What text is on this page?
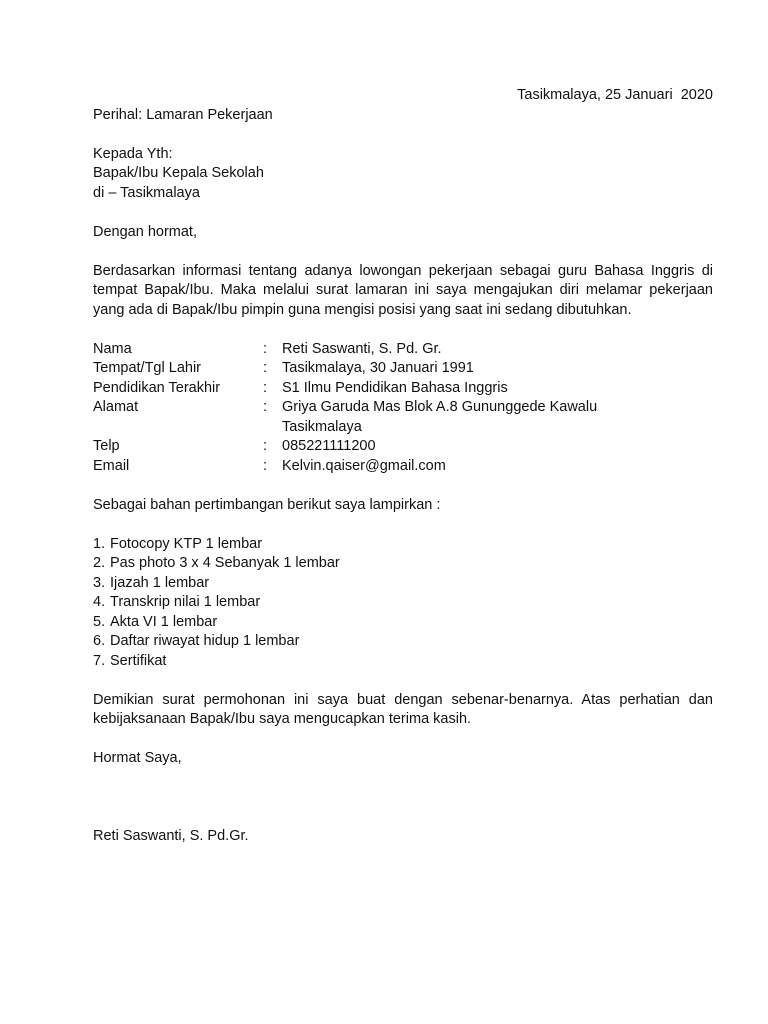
Tasikmalaya, 25 Januari  2020
Perihal: Lamaran Pekerjaan
Kepada Yth:
Bapak/Ibu Kepala Sekolah
di – Tasikmalaya
Dengan hormat,
Berdasarkan informasi tentang adanya lowongan pekerjaan sebagai guru Bahasa Inggris di tempat Bapak/Ibu. Maka melalui surat lamaran ini saya mengajukan diri melamar pekerjaan yang ada di Bapak/Ibu pimpin guna mengisi posisi yang saat ini sedang dibutuhkan.
Nama	:	Reti Saswanti, S. Pd. Gr.
Tempat/Tgl Lahir	:	Tasikmalaya, 30 Januari 1991
Pendidikan Terakhir	:	S1 Ilmu Pendidikan Bahasa Inggris
Alamat	:	Griya Garuda Mas Blok A.8 Gununggede Kawalu Tasikmalaya
Telp	:	085221111200
Email	:	Kelvin.qaiser@gmail.com
Sebagai bahan pertimbangan berikut saya lampirkan :
1. Fotocopy KTP 1 lembar
2. Pas photo 3 x 4 Sebanyak 1 lembar
3. Ijazah 1 lembar
4. Transkrip nilai 1 lembar
5. Akta VI 1 lembar
6. Daftar riwayat hidup 1 lembar
7. Sertifikat
Demikian surat permohonan ini saya buat dengan sebenar-benarnya. Atas perhatian dan kebijaksanaan Bapak/Ibu saya mengucapkan terima kasih.
Hormat Saya,
Reti Saswanti, S. Pd.Gr.
